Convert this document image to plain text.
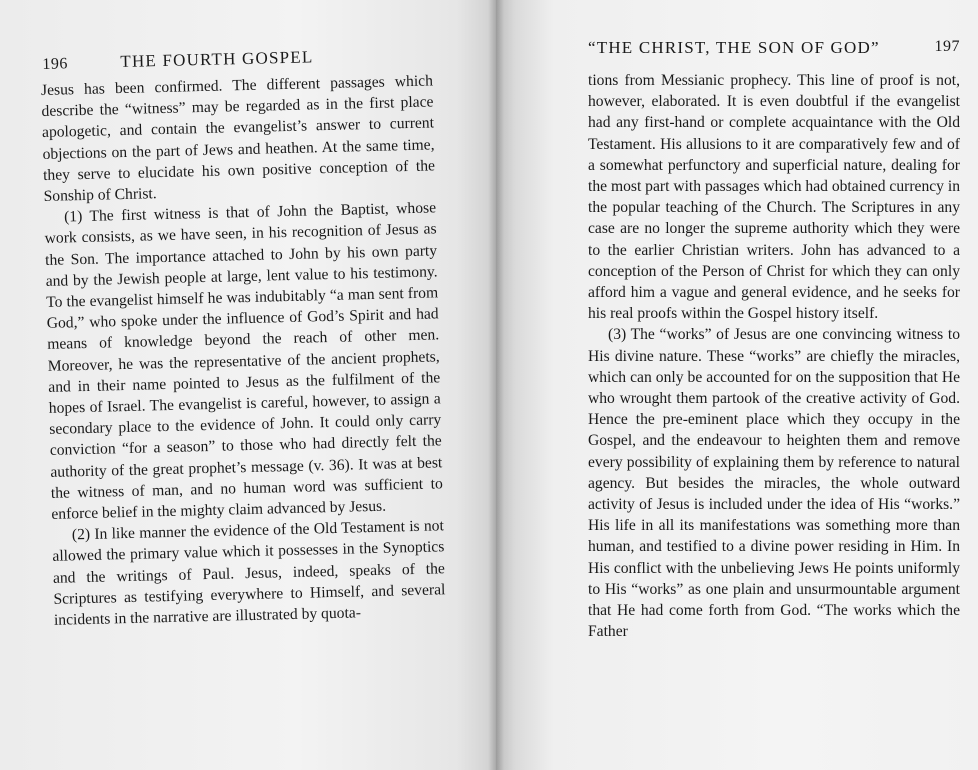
196	THE FOURTH GOSPEL

Jesus has been confirmed. The different passages which describe the “witness” may be regarded as in the first place apologetic, and contain the evangelist’s answer to current objections on the part of Jews and heathen. At the same time, they serve to elucidate his own positive conception of the Sonship of Christ.

(1) The first witness is that of John the Baptist, whose work consists, as we have seen, in his recognition of Jesus as the Son. The importance attached to John by his own party and by the Jewish people at large, lent value to his testimony. To the evangelist himself he was indubitably “a man sent from God,” who spoke under the influence of God’s Spirit and had means of knowledge beyond the reach of other men. Moreover, he was the representative of the ancient prophets, and in their name pointed to Jesus as the fulfilment of the hopes of Israel. The evangelist is careful, however, to assign a secondary place to the evidence of John. It could only carry conviction “for a season” to those who had directly felt the authority of the great prophet’s message (v. 36). It was at best the witness of man, and no human word was sufficient to enforce belief in the mighty claim advanced by Jesus.

(2) In like manner the evidence of the Old Testament is not allowed the primary value which it possesses in the Synoptics and the writings of Paul. Jesus, indeed, speaks of the Scriptures as testifying everywhere to Himself, and several incidents in the narrative are illustrated by quota-

“THE CHRIST, THE SON OF GOD”	197

tions from Messianic prophecy. This line of proof is not, however, elaborated. It is even doubtful if the evangelist had any first-hand or complete acquaintance with the Old Testament. His allusions to it are comparatively few and of a somewhat perfunctory and superficial nature, dealing for the most part with passages which had obtained currency in the popular teaching of the Church. The Scriptures in any case are no longer the supreme authority which they were to the earlier Christian writers. John has advanced to a conception of the Person of Christ for which they can only afford him a vague and general evidence, and he seeks for his real proofs within the Gospel history itself.

(3) The “works” of Jesus are one convincing witness to His divine nature. These “works” are chiefly the miracles, which can only be accounted for on the supposition that He who wrought them partook of the creative activity of God. Hence the pre-eminent place which they occupy in the Gospel, and the endeavour to heighten them and remove every possibility of explaining them by reference to natural agency. But besides the miracles, the whole outward activity of Jesus is included under the idea of His “works.” His life in all its manifestations was something more than human, and testified to a divine power residing in Him. In His conflict with the unbelieving Jews He points uniformly to His “works” as one plain and unsurmountable argument that He had come forth from God. “The works which the Father
